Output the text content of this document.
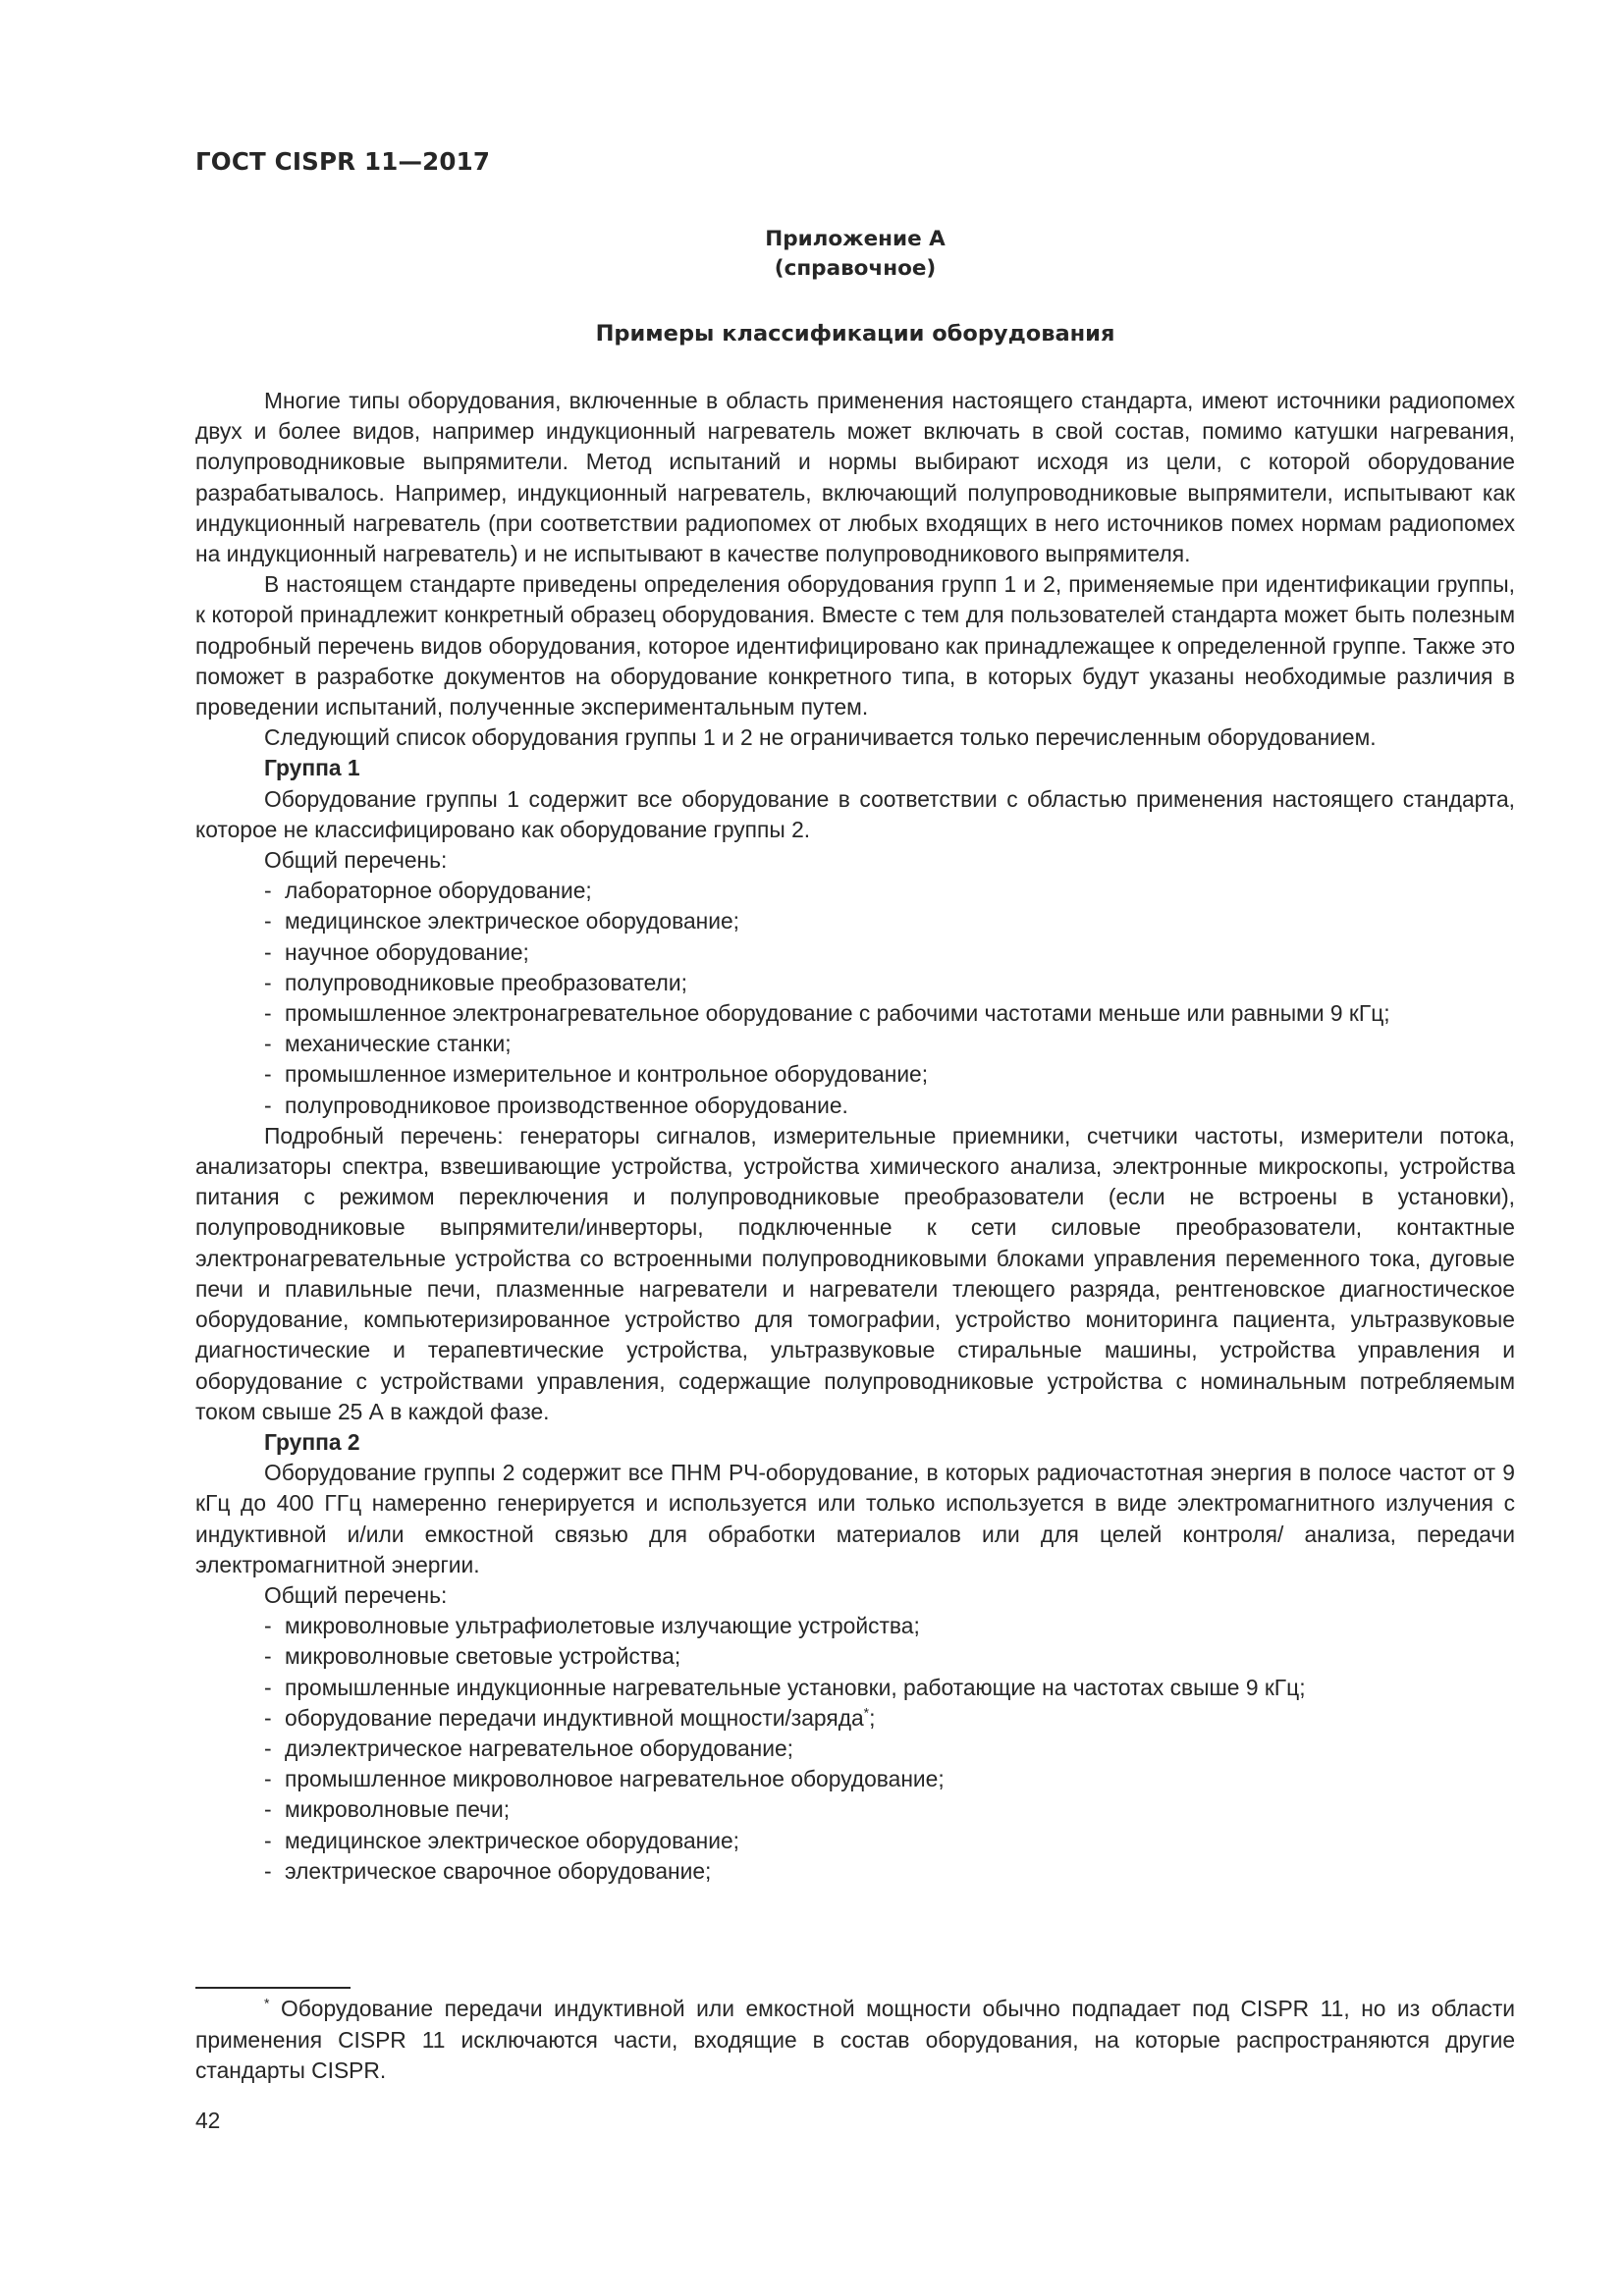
ГОСТ CISPR 11—2017
Приложение А
(справочное)
Примеры классификации оборудования

Многие типы оборудования, включенные в область применения настоящего стандарта, имеют источники радиопомех двух и более видов, например индукционный нагреватель может включать в свой состав, помимо катушки нагревания, полупроводниковые выпрямители. Метод испытаний и нормы выбирают исходя из цели, с которой оборудование разрабатывалось. Например, индукционный нагреватель, включающий полупроводниковые выпрямители, испытывают как индукционный нагреватель (при соответствии радиопомех от любых входящих в него источников помех нормам радиопомех на индукционный нагреватель) и не испытывают в качестве полупроводникового выпрямителя.

В настоящем стандарте приведены определения оборудования групп 1 и 2, применяемые при идентификации группы, к которой принадлежит конкретный образец оборудования. Вместе с тем для пользователей стандарта может быть полезным подробный перечень видов оборудования, которое идентифицировано как принадлежащее к определенной группе. Также это поможет в разработке документов на оборудование конкретного типа, в которых будут указаны необходимые различия в проведении испытаний, полученные экспериментальным путем.

Следующий список оборудования группы 1 и 2 не ограничивается только перечисленным оборудованием.

Группа 1

Оборудование группы 1 содержит все оборудование в соответствии с областью применения настоящего стандарта, которое не классифицировано как оборудование группы 2.

Общий перечень:

- лабораторное оборудование;
- медицинское электрическое оборудование;
- научное оборудование;
- полупроводниковые преобразователи;
- промышленное электронагревательное оборудование с рабочими частотами меньше или равными 9 кГц;
- механические станки;
- промышленное измерительное и контрольное оборудование;
- полупроводниковое производственное оборудование.

Подробный перечень: генераторы сигналов, измерительные приемники, счетчики частоты, измерители потока, анализаторы спектра, взвешивающие устройства, устройства химического анализа, электронные микроскопы, устройства питания с режимом переключения и полупроводниковые преобразователи (если не встроены в установки), полупроводниковые выпрямители/инверторы, подключенные к сети силовые преобразователи, контактные электронагревательные устройства со встроенными полупроводниковыми блоками управления переменного тока, дуговые печи и плавильные печи, плазменные нагреватели и нагреватели тлеющего разряда, рентгеновское диагностическое оборудование, компьютеризированное устройство для томографии, устройство мониторинга пациента, ультразвуковые диагностические и терапевтические устройства, ультразвуковые стиральные машины, устройства управления и оборудование с устройствами управления, содержащие полупроводниковые устройства с номинальным потребляемым током свыше 25 А в каждой фазе.

Группа 2

Оборудование группы 2 содержит все ПНМ РЧ-оборудование, в которых радиочастотная энергия в полосе частот от 9 кГц до 400 ГГц намеренно генерируется и используется или только используется в виде электромагнитного излучения с индуктивной и/или емкостной связью для обработки материалов или для целей контроля/ анализа, передачи электромагнитной энергии.

Общий перечень:

- микроволновые ультрафиолетовые излучающие устройства;
- микроволновые световые устройства;
- промышленные индукционные нагревательные установки, работающие на частотах свыше 9 кГц;
- оборудование передачи индуктивной мощности/заряда*;
- диэлектрическое нагревательное оборудование;
- промышленное микроволновое нагревательное оборудование;
- микроволновые печи;
- медицинское электрическое оборудование;
- электрическое сварочное оборудование;

* Оборудование передачи индуктивной или емкостной мощности обычно подпадает под CISPR 11, но из области применения CISPR 11 исключаются части, входящие в состав оборудования, на которые распространяются другие стандарты CISPR.

42
